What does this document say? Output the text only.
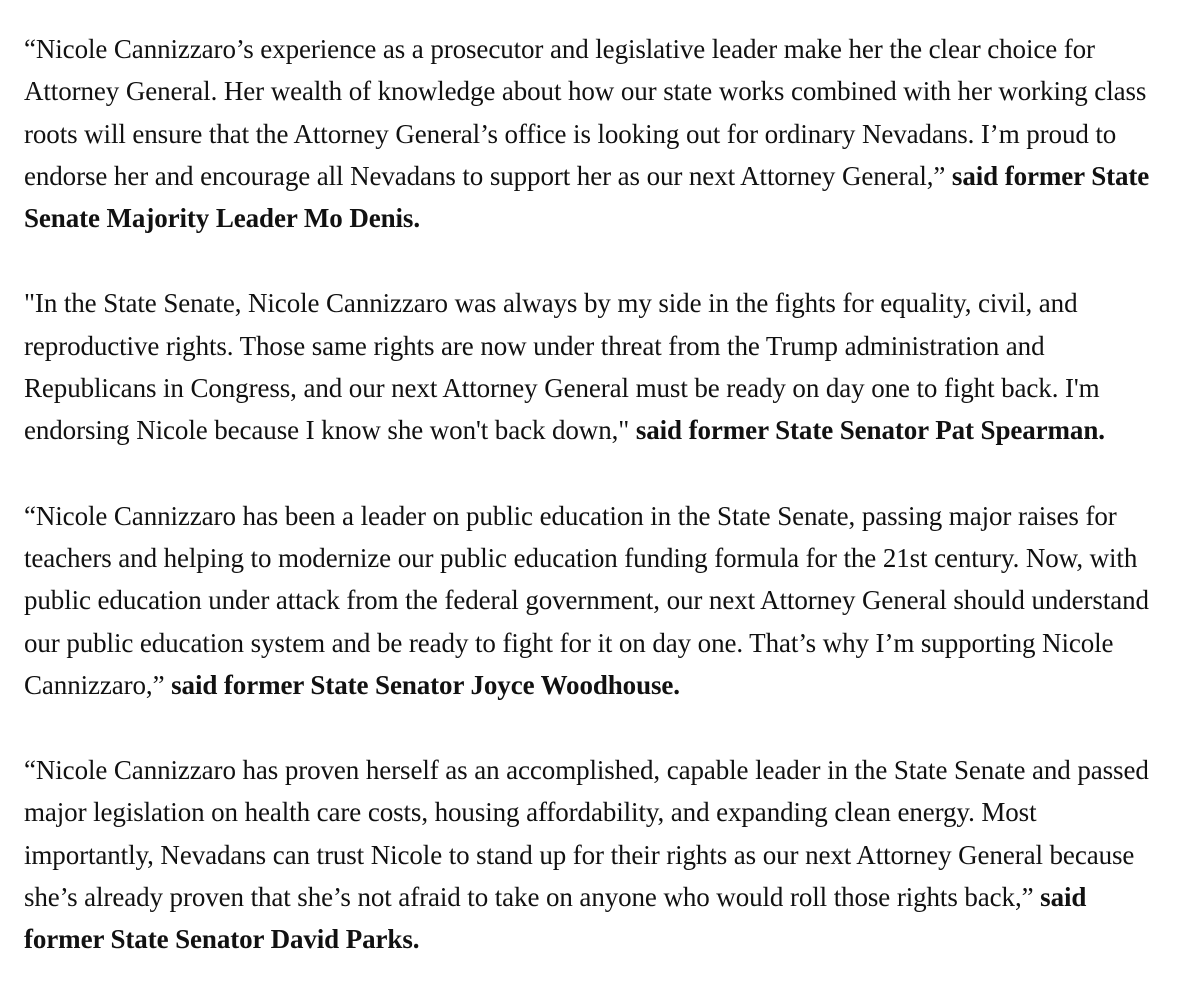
“Nicole Cannizzaro’s experience as a prosecutor and legislative leader make her the clear choice for Attorney General. Her wealth of knowledge about how our state works combined with her working class roots will ensure that the Attorney General’s office is looking out for ordinary Nevadans. I’m proud to endorse her and encourage all Nevadans to support her as our next Attorney General,” said former State Senate Majority Leader Mo Denis.

"In the State Senate, Nicole Cannizzaro was always by my side in the fights for equality, civil, and reproductive rights. Those same rights are now under threat from the Trump administration and Republicans in Congress, and our next Attorney General must be ready on day one to fight back. I'm endorsing Nicole because I know she won't back down," said former State Senator Pat Spearman.

“Nicole Cannizzaro has been a leader on public education in the State Senate, passing major raises for teachers and helping to modernize our public education funding formula for the 21st century. Now, with public education under attack from the federal government, our next Attorney General should understand our public education system and be ready to fight for it on day one. That’s why I’m supporting Nicole Cannizzaro,” said former State Senator Joyce Woodhouse.

“Nicole Cannizzaro has proven herself as an accomplished, capable leader in the State Senate and passed major legislation on health care costs, housing affordability, and expanding clean energy. Most importantly, Nevadans can trust Nicole to stand up for their rights as our next Attorney General because she’s already proven that she’s not afraid to take on anyone who would roll those rights back,” said former State Senator David Parks.
